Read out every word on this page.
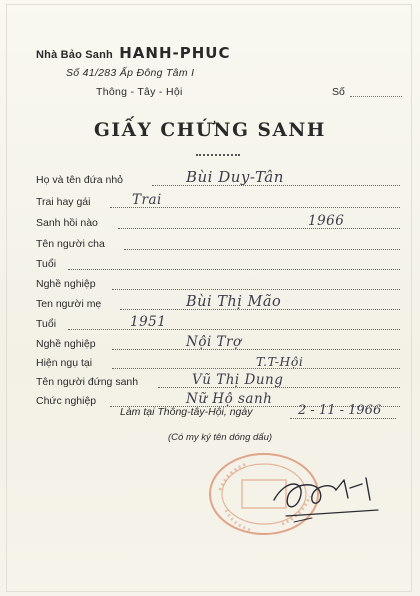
Nhà Bảo Sanh HANH-PHUC
Số 41/283 Ấp Đông Tâm I
Thông - Tây - Hội	Số
GIẤY CHỨNG SANH
Họ và tên đứa nhỏ	Bùi Duy-Tân
Trai hay gái	Trai
Sanh hồi nào	1966
Tên người cha
Tuổi
Nghề nghiệp
Ten người mẹ	Bùi Thị Mão
Tuổi	1951
Nghề nghiệp	Nội Trợ
Hiện ngụ tại	T.T-Hội
Tên người đứng sanh	Vũ Thị Dung
Chức nghiệp	Nữ Hộ sanh
Làm tại Thông-tây-Hội, ngày	2 - 11 - 1966
(Có my ký tên dóng dấu)
